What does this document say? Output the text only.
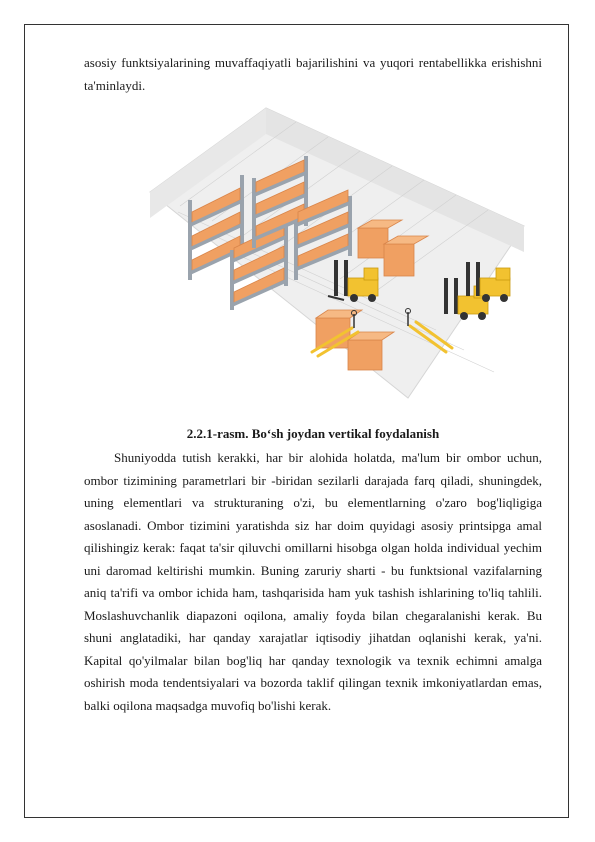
asosiy funktsiyalarining muvaffaqiyatli bajarilishini va yuqori rentabellikka erishishni ta'minlaydi.
2.2.1-rasm. Bo‘sh joydan vertikal foydalanish

Shuniyodda tutish kerakki, har bir alohida holatda, ma'lum bir ombor uchun, ombor tizimining parametrlari bir -biridan sezilarli darajada farq qiladi, shuningdek, uning elementlari va strukturaning o'zi, bu elementlarning o'zaro bog'liqligiga asoslanadi. Ombor tizimini yaratishda siz har doim quyidagi asosiy printsipga amal qilishingiz kerak: faqat ta'sir qiluvchi omillarni hisobga olgan holda individual yechim uni daromad keltirishi mumkin. Buning zaruriy sharti - bu funktsional vazifalarning aniq ta'rifi va ombor ichida ham, tashqarisida ham yuk tashish ishlarining to'liq tahlili. Moslashuvchanlik diapazoni oqilona, amaliy foyda bilan chegaralanishi kerak. Bu shuni anglatadiki, har qanday xarajatlar iqtisodiy jihatdan oqlanishi kerak, ya'ni. Kapital qo'yilmalar bilan bog'liq har qanday texnologik va texnik echimni amalga oshirish moda tendentsiyalari va bozorda taklif qilingan texnik imkoniyatlardan emas, balki oqilona maqsadga muvofiq bo'lishi kerak.
